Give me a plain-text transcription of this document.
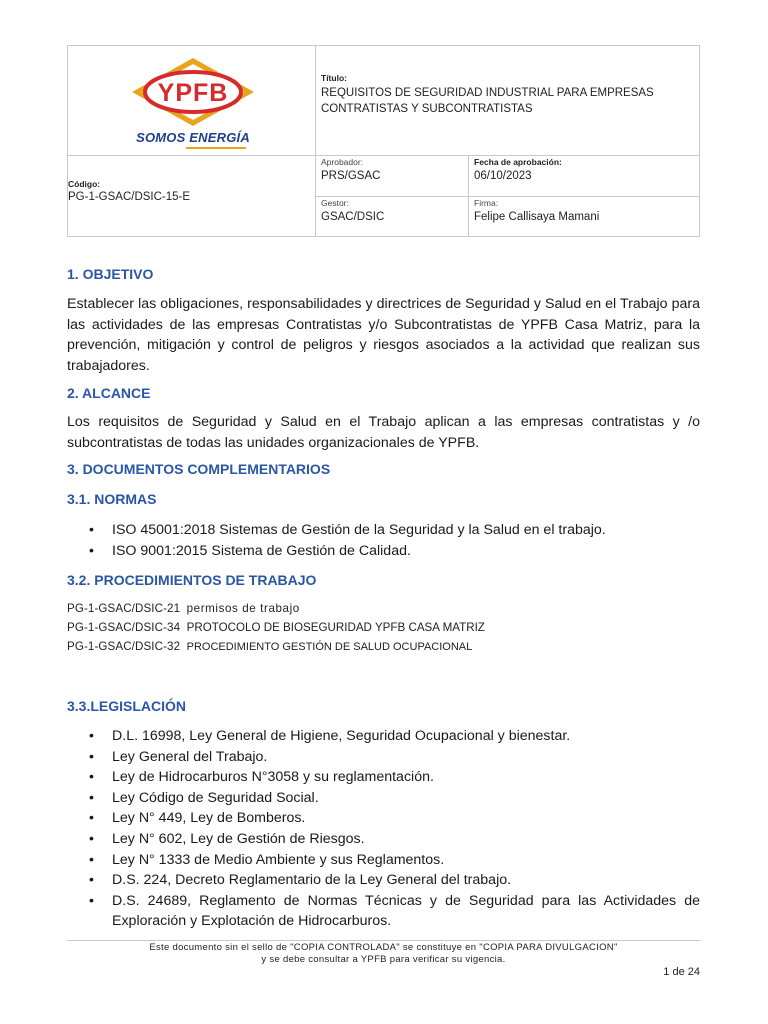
YPFB
SOMOS ENERGÍA
Título:
REQUISITOS DE SEGURIDAD INDUSTRIAL PARA EMPRESAS CONTRATISTAS Y SUBCONTRATISTAS
Código:
PG-1-GSAC/DSIC-15-E
Aprobador:
PRS/GSAC
Fecha de aprobación:
06/10/2023
Gestor:
GSAC/DSIC
Firma:
Felipe Callisaya Mamani
1. OBJETIVO

Establecer las obligaciones, responsabilidades y directrices de Seguridad y Salud en el Trabajo para las actividades de las empresas Contratistas y/o Subcontratistas de YPFB Casa Matriz, para la prevención, mitigación y control de peligros y riesgos asociados a la actividad que realizan sus trabajadores.

2. ALCANCE

Los requisitos de Seguridad y Salud en el Trabajo aplican a las empresas contratistas y /o subcontratistas de todas las unidades organizacionales de YPFB.

3. DOCUMENTOS COMPLEMENTARIOS
3.1. NORMAS
• ISO 45001:2018 Sistemas de Gestión de la Seguridad y la Salud en el trabajo.
• ISO 9001:2015 Sistema de Gestión de Calidad.
3.2. PROCEDIMIENTOS DE TRABAJO
PG-1-GSAC/DSIC-21 permisos de trabajo
PG-1-GSAC/DSIC-34 PROTOCOLO DE BIOSEGURIDAD YPFB CASA MATRIZ
PG-1-GSAC/DSIC-32 PROCEDIMIENTO GESTIÓN DE SALUD OCUPACIONAL
3.3.LEGISLACIÓN
• D.L. 16998, Ley General de Higiene, Seguridad Ocupacional y bienestar.
• Ley General del Trabajo.
• Ley de Hidrocarburos N°3058 y su reglamentación.
• Ley Código de Seguridad Social.
• Ley N° 449, Ley de Bomberos.
• Ley N° 602, Ley de Gestión de Riesgos.
• Ley N° 1333 de Medio Ambiente y sus Reglamentos.
• D.S. 224, Decreto Reglamentario de la Ley General del trabajo.
• D.S. 24689, Reglamento de Normas Técnicas y de Seguridad para las Actividades de Exploración y Explotación de Hidrocarburos.
Este documento sin el sello de "COPIA CONTROLADA" se constituye en "COPIA PARA DIVULGACION"
y se debe consultar a YPFB para verificar su vigencia.
1 de 24
